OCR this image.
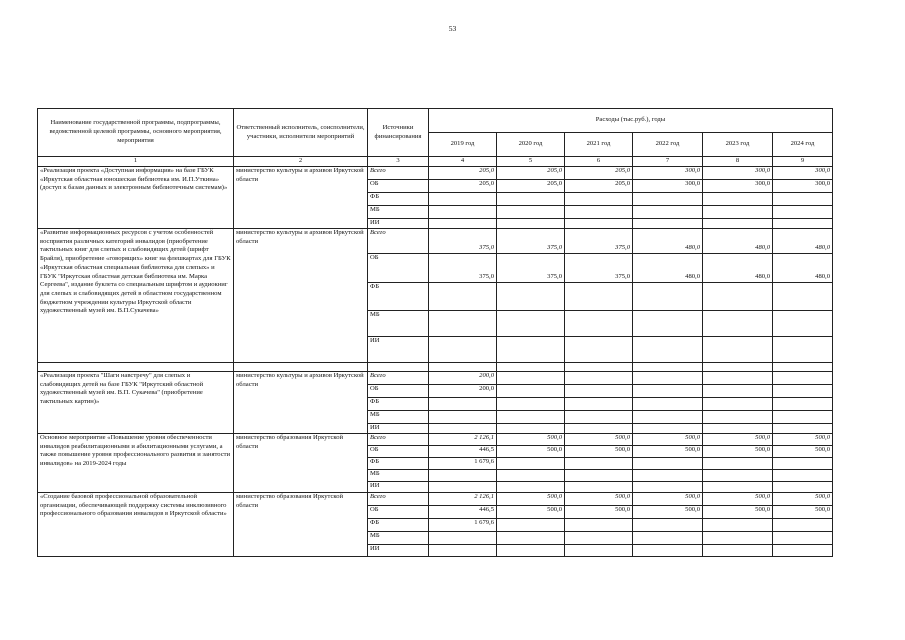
53
Наименование государственной программы, подпрограммы, ведомственной целевой программы, основного мероприятия, мероприятия	Ответственный исполнитель, соисполнители, участники, исполнители мероприятий	Источники финансирования	Расходы (тыс.руб.), годы					
			2019 год	2020 год	2021 год	2022 год	2023 год	2024 год
1	2	3	4	5	6	7	8	9
«Реализация проекта «Доступная информация» на базе ГБУК «Иркутская областная юношеская библиотека им. И.П.Уткина» (доступ к базам данных и электронным библиотечным системам)»	министерство культуры и архивов Иркутской области	Всего	205,0	205,0	205,0	300,0	300,0	300,0
		ОБ	205,0	205,0	205,0	300,0	300,0	300,0
		ФБ						
		МБ						
		ИИ						
«Развитие информационных ресурсов с учетом особенностей восприятия различных категорий инвалидов (приобретение тактильных книг для слепых и слабовидящих детей (шрифт Брайля), приобретение «говорящих» книг на флешкартах для ГБУК «Иркутская областная специальная библиотека для слепых» и ГБУК "Иркутская областная детская библиотека им. Марка Сергеева", издание буклета со специальным шрифтом и аудиокниг для слепых и слабовидящих детей в областном государственном бюджетном учреждении культуры Иркутской области художественный музей им. В.П.Сукачева»	министерство культуры и архивов Иркутской области	Всего	375,0	375,0	375,0	480,0	480,0	480,0
		ОБ	375,0	375,0	375,0	480,0	480,0	480,0
		ФБ						
		МБ						
		ИИ						

«Реализация проекта "Шаги навстречу" для слепых и слабовидящих детей на базе ГБУК "Иркутский областной художественный музей им. В.П. Сукачева" (приобретение тактильных картин)»	министерство культуры и архивов Иркутской области	Всего	200,0					
		ОБ	200,0					
		ФБ						
		МБ						
		ИИ						
Основное мероприятие «Повышение уровня обеспеченности инвалидов реабилитационными и абилитационными услугами, а также повышение уровня профессионального развития и занятости инвалидов» на 2019-2024 годы	министерство образования Иркутской области	Всего	2 126,1	500,0	500,0	500,0	500,0	500,0
		ОБ	446,5	500,0	500,0	500,0	500,0	500,0
		ФБ	1 679,6					
		МБ						
		ИИ						
«Создание базовой профессиональной образовательной организации, обеспечивающей поддержку системы инклюзивного профессионального образования инвалидов в Иркутской области»	министерство образования Иркутской области	Всего	2 126,1	500,0	500,0	500,0	500,0	500,0
		ОБ	446,5	500,0	500,0	500,0	500,0	500,0
		ФБ	1 679,6					
		МБ						
		ИИ						
